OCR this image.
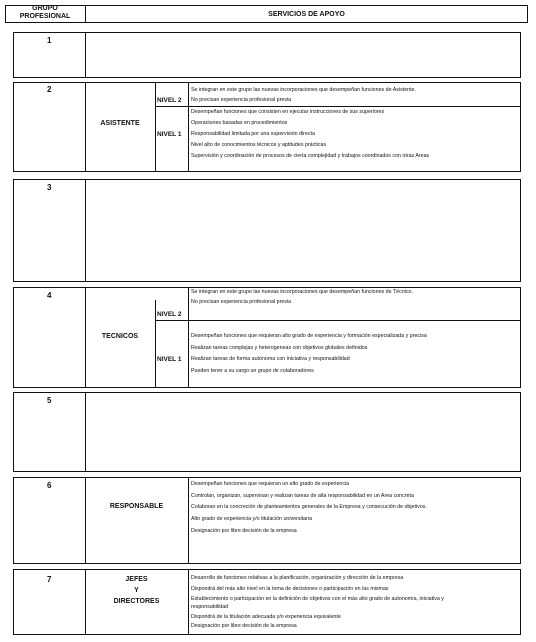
GRUPO
PROFESIONAL	SERVICIOS DE APOYO
1
2
ASISTENTE
NIVEL 2
NIVEL 1
Se integran en este grupo las nuevas incorporaciones que desempeñan funciones de Asistente.
No precisan experiencia profesional previa
Desempeñan funciones que consisten en ejecutar instrucciones de sus superiores
Operaciones basadas en procedimientos
Responsabilidad limitada por una supervisión directa
Nivel alto de conocimientos técnicos y aptitudes prácticas
Supervisión y coordinación de procesos de cierta complejidad y trabajos coordinados con otras Areas
3
4
TECNICOS
NIVEL 2
NIVEL 1
Se integran en este grupo las nuevas incorporaciones que desempeñan funciones de Técnico.
No precisan experiencia profesional previa
Desempeñan funciones que requieran alto grado de experiencia y formación especializada y precisa
Realizan tareas complejas y heterogeneas con objetivos globales definidos
Realizan tareas de forma autónoma con iniciativa y responsabilidad
Pueden tener a su cargo un grupo de colaboradores
5
6
RESPONSABLE
Desempeñan funciones que requieran un alto grado de experiencia
Controlan, organizan, supervisan y realizan tareas de alta responsabilidad en un Area concreta
Colaboran en la concreción de planteamientos generales de la Empresa y consecución de objetivos.
Alto grado de experiencia y/o titulación universitaria
Designación por libre decisión de la empresa
7	JEFES
Y
DIRECTORES
Desarrollo de funciones relativas a la planificación, organización y dirección de la empresa
Dispondrá del más alto nivel en la toma de decisiones o participación en las mismas
Establecimiento o participación en la definición de objetivos con el más alto grado de autonomía, iniciativa y
responsabilidad
Dispondrá de la titulación adecuada y/o experiencia equivalente
Designación por libre decisión de la empresa
